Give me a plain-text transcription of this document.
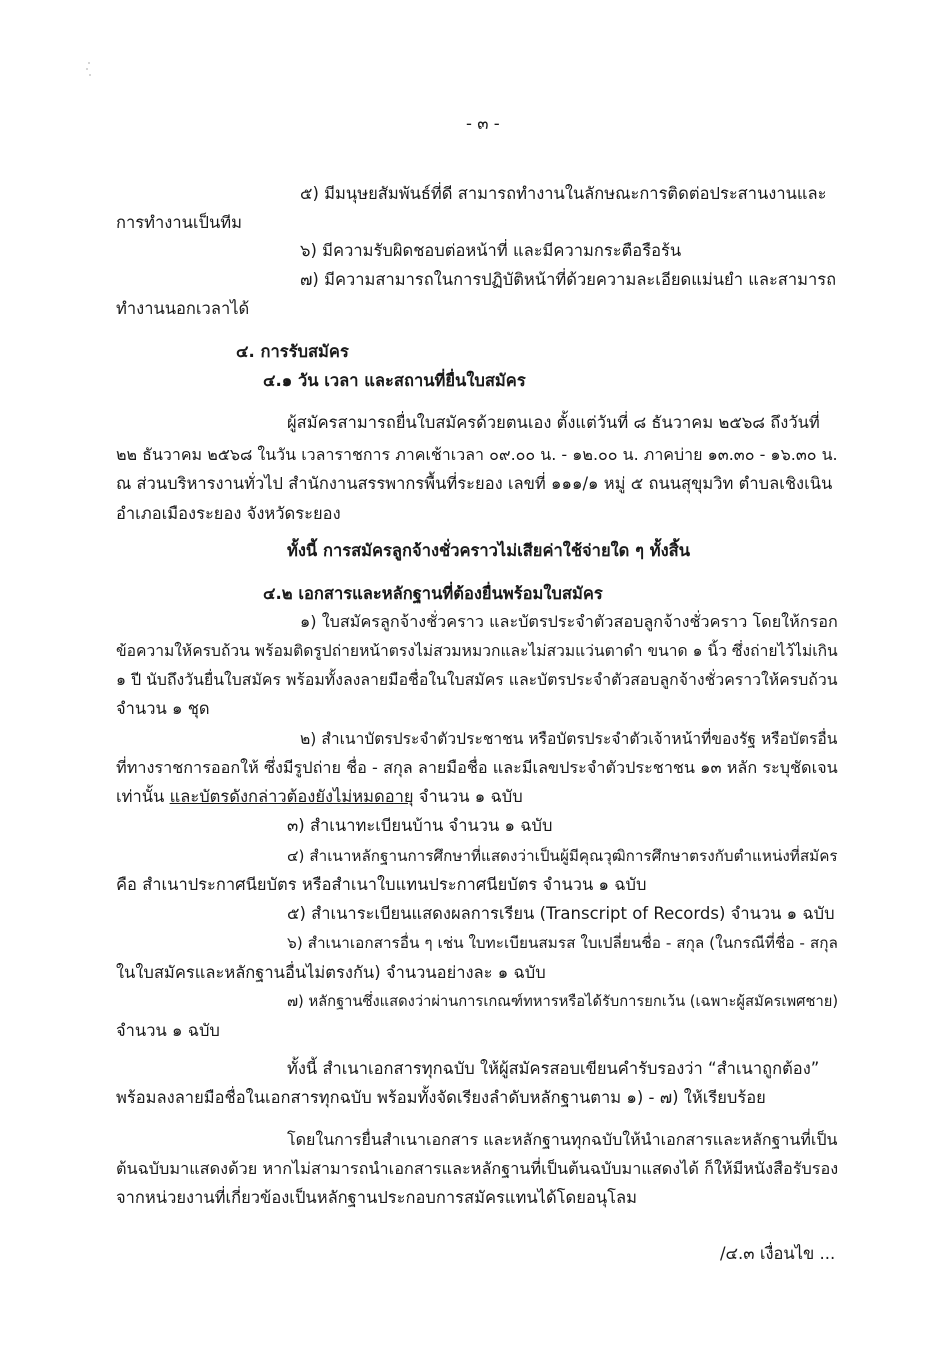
- ๓ -
๕) มีมนุษยสัมพันธ์ที่ดี สามารถทำงานในลักษณะการติดต่อประสานงานและ
การทำงานเป็นทีม
๖) มีความรับผิดชอบต่อหน้าที่ และมีความกระตือรือร้น
๗) มีความสามารถในการปฏิบัติหน้าที่ด้วยความละเอียดแม่นยำ และสามารถ
ทำงานนอกเวลาได้
๔. การรับสมัคร
๔.๑ วัน เวลา และสถานที่ยื่นใบสมัคร
ผู้สมัครสามารถยื่นใบสมัครด้วยตนเอง ตั้งแต่วันที่ ๘ ธันวาคม ๒๕๖๘ ถึงวันที่
๒๒ ธันวาคม ๒๕๖๘ ในวัน เวลาราชการ ภาคเช้าเวลา ๐๙.๐๐ น. - ๑๒.๐๐ น. ภาคบ่าย ๑๓.๓๐ - ๑๖.๓๐ น.
ณ ส่วนบริหารงานทั่วไป สำนักงานสรรพากรพื้นที่ระยอง เลขที่ ๑๑๑/๑ หมู่ ๕ ถนนสุขุมวิท ตำบลเชิงเนิน
อำเภอเมืองระยอง จังหวัดระยอง
ทั้งนี้ การสมัครลูกจ้างชั่วคราวไม่เสียค่าใช้จ่ายใด ๆ ทั้งสิ้น
๔.๒ เอกสารและหลักฐานที่ต้องยื่นพร้อมใบสมัคร
๑) ใบสมัครลูกจ้างชั่วคราว และบัตรประจำตัวสอบลูกจ้างชั่วคราว โดยให้กรอก
ข้อความให้ครบถ้วน พร้อมติดรูปถ่ายหน้าตรงไม่สวมหมวกและไม่สวมแว่นตาดำ ขนาด ๑ นิ้ว ซึ่งถ่ายไว้ไม่เกิน
๑ ปี นับถึงวันยื่นใบสมัคร พร้อมทั้งลงลายมือชื่อในใบสมัคร และบัตรประจำตัวสอบลูกจ้างชั่วคราวให้ครบถ้วน
จำนวน ๑ ชุด
๒) สำเนาบัตรประจำตัวประชาชน หรือบัตรประจำตัวเจ้าหน้าที่ของรัฐ หรือบัตรอื่น
ที่ทางราชการออกให้ ซึ่งมีรูปถ่าย ชื่อ - สกุล ลายมือชื่อ และมีเลขประจำตัวประชาชน ๑๓ หลัก ระบุชัดเจน
เท่านั้น และบัตรดังกล่าวต้องยังไม่หมดอายุ จำนวน ๑ ฉบับ
๓) สำเนาทะเบียนบ้าน จำนวน ๑ ฉบับ
๔) สำเนาหลักฐานการศึกษาที่แสดงว่าเป็นผู้มีคุณวุฒิการศึกษาตรงกับตำแหน่งที่สมัคร
คือ สำเนาประกาศนียบัตร หรือสำเนาใบแทนประกาศนียบัตร จำนวน ๑ ฉบับ
๕) สำเนาระเบียนแสดงผลการเรียน (Transcript of Records) จำนวน ๑ ฉบับ
๖) สำเนาเอกสารอื่น ๆ เช่น ใบทะเบียนสมรส ใบเปลี่ยนชื่อ - สกุล (ในกรณีที่ชื่อ - สกุล
ในใบสมัครและหลักฐานอื่นไม่ตรงกัน) จำนวนอย่างละ ๑ ฉบับ
๗) หลักฐานซึ่งแสดงว่าผ่านการเกณฑ์ทหารหรือได้รับการยกเว้น (เฉพาะผู้สมัครเพศชาย)
จำนวน ๑ ฉบับ
ทั้งนี้ สำเนาเอกสารทุกฉบับ ให้ผู้สมัครสอบเขียนคำรับรองว่า “สำเนาถูกต้อง”
พร้อมลงลายมือชื่อในเอกสารทุกฉบับ พร้อมทั้งจัดเรียงลำดับหลักฐานตาม ๑) - ๗) ให้เรียบร้อย
โดยในการยื่นสำเนาเอกสาร และหลักฐานทุกฉบับให้นำเอกสารและหลักฐานที่เป็น
ต้นฉบับมาแสดงด้วย หากไม่สามารถนำเอกสารและหลักฐานที่เป็นต้นฉบับมาแสดงได้ ก็ให้มีหนังสือรับรอง
จากหน่วยงานที่เกี่ยวข้องเป็นหลักฐานประกอบการสมัครแทนได้โดยอนุโลม
/๔.๓ เงื่อนไข ...
